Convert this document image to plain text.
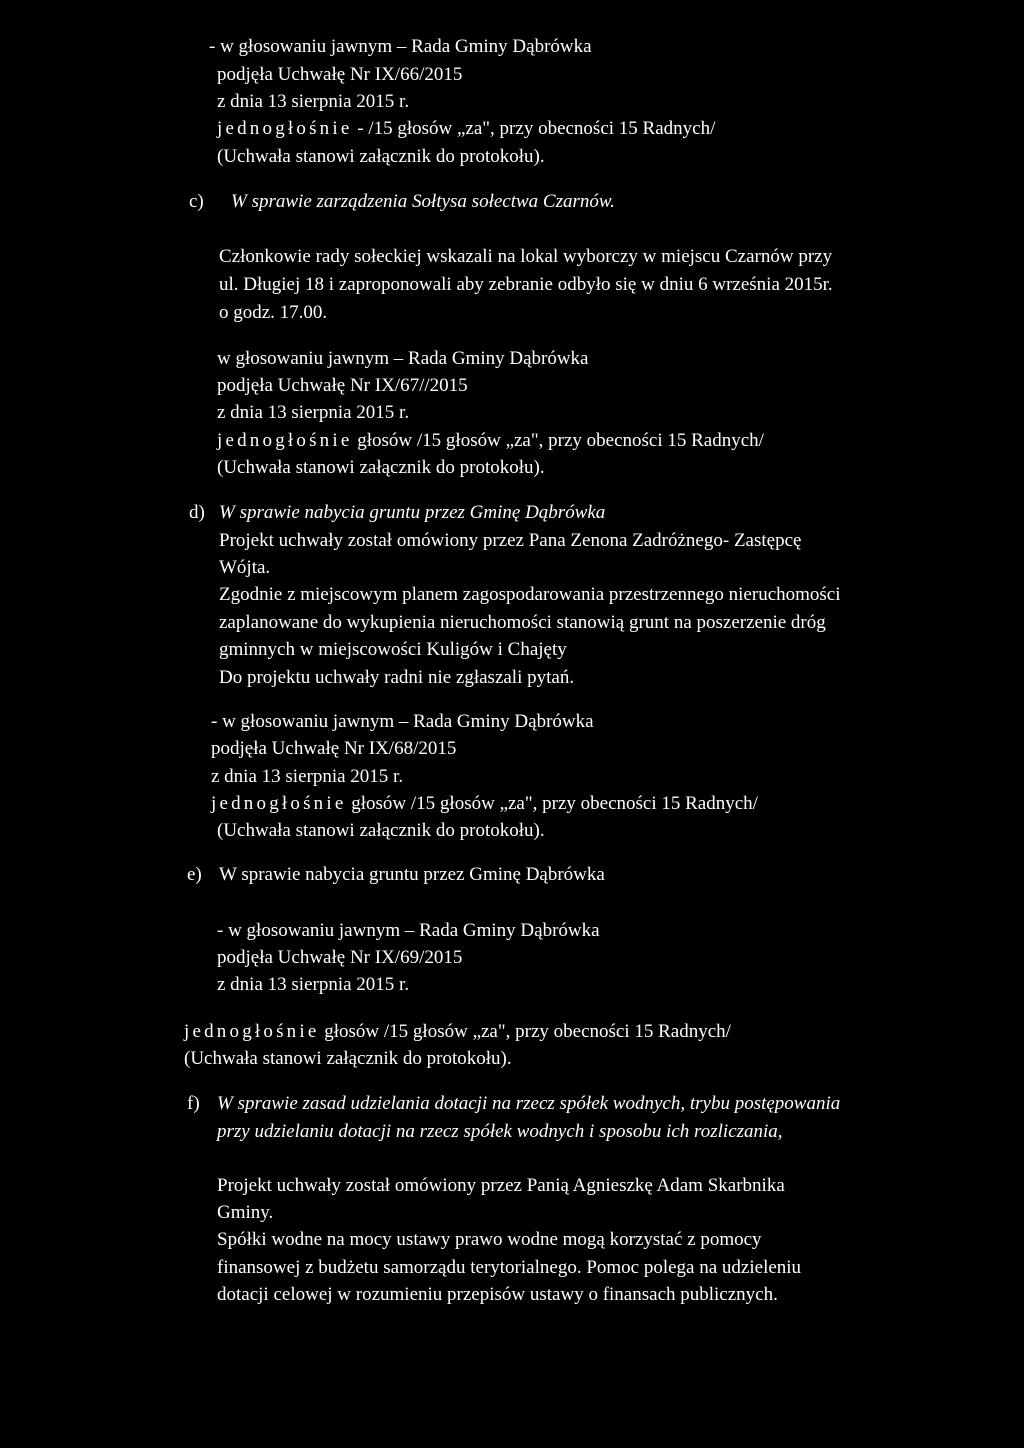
- w głosowaniu jawnym – Rada Gminy Dąbrówka

podjęła Uchwałę Nr IX/66/2015

z dnia 13 sierpnia 2015 r.

jednogłośnie - /15 głosów „za", przy obecności 15 Radnych/

(Uchwała stanowi załącznik do protokołu).

c) W sprawie zarządzenia Sołtysa sołectwa Czarnów.

Członkowie rady sołeckiej wskazali na lokal wyborczy w miejscu Czarnów przy

ul. Długiej 18 i zaproponowali aby zebranie odbyło się w dniu 6 września 2015r.

o godz. 17.00.

w głosowaniu jawnym – Rada Gminy Dąbrówka

podjęła Uchwałę Nr IX/67//2015

z dnia 13 sierpnia 2015 r.

jednogłośnie głosów /15 głosów „za", przy obecności 15 Radnych/

(Uchwała stanowi załącznik do protokołu).

d) W sprawie nabycia gruntu przez Gminę Dąbrówka

Projekt uchwały został omówiony przez Pana Zenona Zadróżnego- Zastępcę

Wójta.

Zgodnie z miejscowym planem zagospodarowania przestrzennego nieruchomości

zaplanowane do wykupienia nieruchomości stanowią grunt na poszerzenie dróg

gminnych w miejscowości Kuligów i Chajęty

Do projektu uchwały radni nie zgłaszali pytań.

- w głosowaniu jawnym – Rada Gminy Dąbrówka

podjęła Uchwałę Nr IX/68/2015

z dnia 13 sierpnia 2015 r.

jednogłośnie głosów /15 głosów „za", przy obecności 15 Radnych/

(Uchwała stanowi załącznik do protokołu).

e) W sprawie nabycia gruntu przez Gminę Dąbrówka

- w głosowaniu jawnym – Rada Gminy Dąbrówka

podjęła Uchwałę Nr IX/69/2015

z dnia 13 sierpnia 2015 r.

jednogłośnie głosów /15 głosów „za", przy obecności 15 Radnych/

(Uchwała stanowi załącznik do protokołu).

f) W sprawie zasad udzielania dotacji na rzecz spółek wodnych, trybu postępowania

przy udzielaniu dotacji na rzecz spółek wodnych i sposobu ich rozliczania,

Projekt uchwały został omówiony przez Panią Agnieszkę Adam Skarbnika

Gminy.

Spółki wodne na mocy ustawy prawo wodne mogą korzystać z pomocy

finansowej z budżetu samorządu terytorialnego. Pomoc polega na udzieleniu

dotacji celowej w rozumieniu przepisów ustawy o finansach publicznych.
